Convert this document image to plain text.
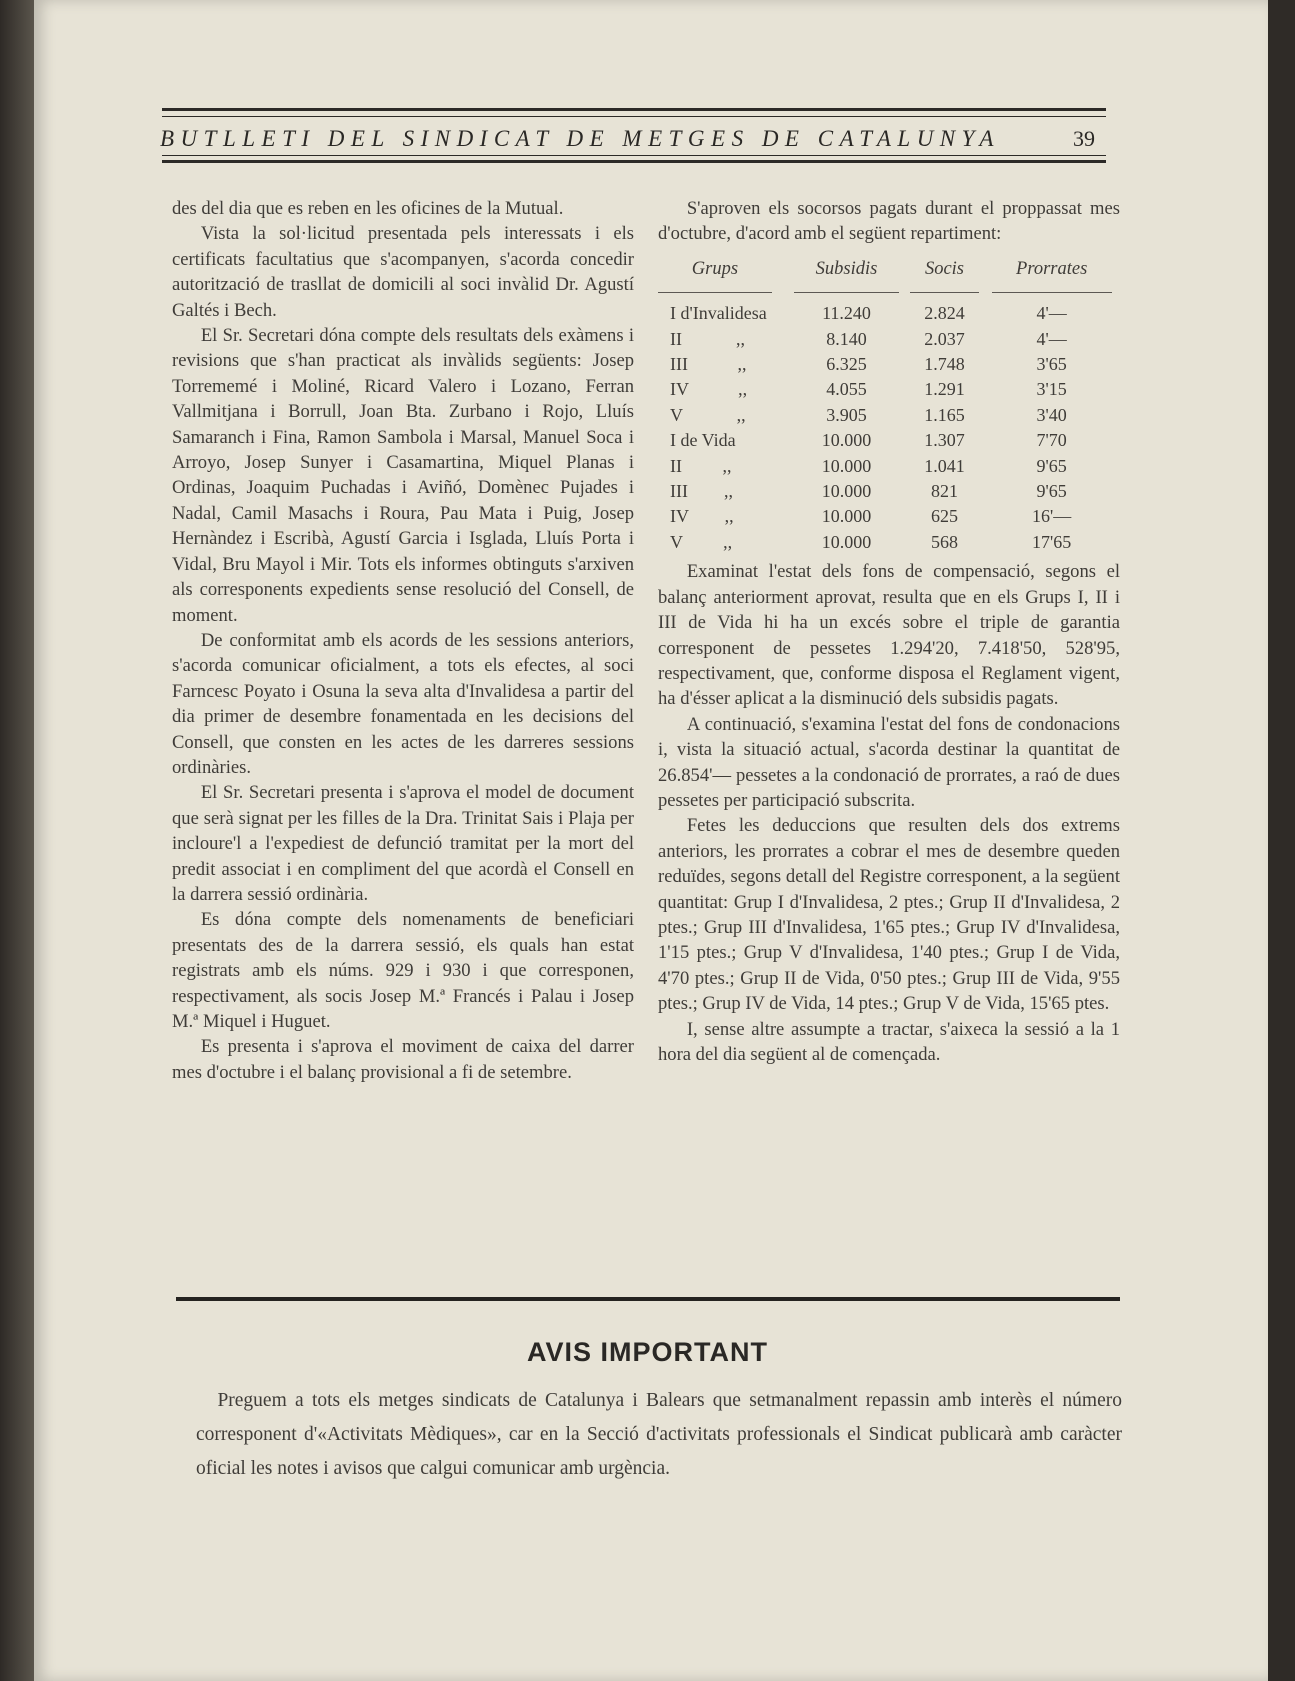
BUTLLETI DEL SINDICAT DE METGES DE CATALUNYA	39

des del dia que es reben en les oficines de la Mutual.

Vista la sol·licitud presentada pels interessats i els certificats facultatius que s'acompanyen, s'acorda concedir autorització de trasllat de domicili al soci invàlid Dr. Agustí Galtés i Bech.

El Sr. Secretari dóna compte dels resultats dels exàmens i revisions que s'han practicat als invàlids següents: Josep Torrememé i Moliné, Ricard Valero i Lozano, Ferran Vallmitjana i Borrull, Joan Bta. Zurbano i Rojo, Lluís Samaranch i Fina, Ramon Sambola i Marsal, Manuel Soca i Arroyo, Josep Sunyer i Casamartina, Miquel Planas i Ordinas, Joaquim Puchadas i Aviñó, Domènec Pujades i Nadal, Camil Masachs i Roura, Pau Mata i Puig, Josep Hernàndez i Escribà, Agustí Garcia i Isglada, Lluís Porta i Vidal, Bru Mayol i Mir. Tots els informes obtinguts s'arxiven als corresponents expedients sense resolució del Consell, de moment.

De conformitat amb els acords de les sessions anteriors, s'acorda comunicar oficialment, a tots els efectes, al soci Farncesc Poyato i Osuna la seva alta d'Invalidesa a partir del dia primer de desembre fonamentada en les decisions del Consell, que consten en les actes de les darreres sessions ordinàries.

El Sr. Secretari presenta i s'aprova el model de document que serà signat per les filles de la Dra. Trinitat Sais i Plaja per incloure'l a l'expediest de defunció tramitat per la mort del predit associat i en compliment del que acordà el Consell en la darrera sessió ordinària.

Es dóna compte dels nomenaments de beneficiari presentats des de la darrera sessió, els quals han estat registrats amb els núms. 929 i 930 i que corresponen, respectivament, als socis Josep M.ª Francés i Palau i Josep M.ª Miquel i Huguet.

Es presenta i s'aprova el moviment de caixa del darrer mes d'octubre i el balanç provisional a fi de setembre.

S'aproven els socorsos pagats durant el proppassat mes d'octubre, d'acord amb el següent repartiment:

Grups	Subsidis	Socis	Prorrates
I d'Invalidesa	11.240	2.824	4'—
II            ,,	8.140	2.037	4'—
III           ,,	6.325	1.748	3'65
IV           ,,	4.055	1.291	3'15
V            ,,	3.905	1.165	3'40
I de Vida	10.000	1.307	7'70
II         ,,	10.000	1.041	9'65
III        ,,	10.000	821	9'65
IV        ,,	10.000	625	16'—
V         ,,	10.000	568	17'65

Examinat l'estat dels fons de compensació, segons el balanç anteriorment aprovat, resulta que en els Grups I, II i III de Vida hi ha un excés sobre el triple de garantia corresponent de pessetes 1.294'20, 7.418'50, 528'95, respectivament, que, conforme disposa el Reglament vigent, ha d'ésser aplicat a la disminució dels subsidis pagats.

A continuació, s'examina l'estat del fons de condonacions i, vista la situació actual, s'acorda destinar la quantitat de 26.854'— pessetes a la condonació de prorrates, a raó de dues pessetes per participació subscrita.

Fetes les deduccions que resulten dels dos extrems anteriors, les prorrates a cobrar el mes de desembre queden reduïdes, segons detall del Registre corresponent, a la següent quantitat: Grup I d'Invalidesa, 2 ptes.; Grup II d'Invalidesa, 2 ptes.; Grup III d'Invalidesa, 1'65 ptes.; Grup IV d'Invalidesa, 1'15 ptes.; Grup V d'Invalidesa, 1'40 ptes.; Grup I de Vida, 4'70 ptes.; Grup II de Vida, 0'50 ptes.; Grup III de Vida, 9'55 ptes.; Grup IV de Vida, 14 ptes.; Grup V de Vida, 15'65 ptes.

I, sense altre assumpte a tractar, s'aixeca la sessió a la 1 hora del dia següent al de començada.

AVIS IMPORTANT

Preguem a tots els metges sindicats de Catalunya i Balears que setmanalment repassin amb interès el número corresponent d'«Activitats Mèdiques», car en la Secció d'activitats professionals el Sindicat publicarà amb caràcter oficial les notes i avisos que calgui comunicar amb urgència.
